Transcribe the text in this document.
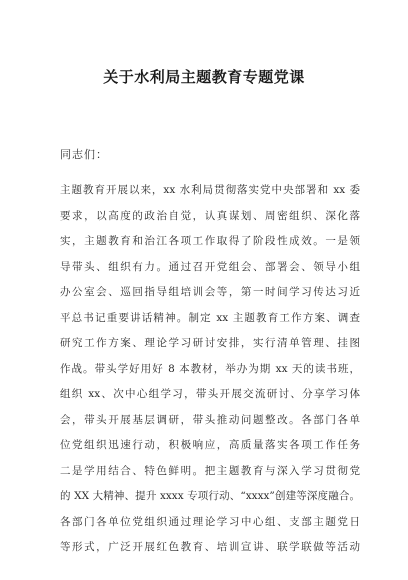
关于水利局主题教育专题党课
同志们：
主题教育开展以来，xx 水利局贯彻落实党中央部署和 xx 委
要求，以高度的政治自觉，认真谋划、周密组织、深化落
实，主题教育和治江各项工作取得了阶段性成效。一是领
导带头、组织有力。通过召开党组会、部署会、领导小组
办公室会、巡回指导组培训会等，第一时间学习传达习近
平总书记重要讲话精神。制定 xx 主题教育工作方案、调查
研究工作方案、理论学习研讨安排，实行清单管理、挂图
作战。带头学好用好 8 本教材，举办为期 xx 天的读书班，
组织 xx、次中心组学习，带头开展交流研讨、分享学习体
会，带头开展基层调研，带头推动问题整改。各部门各单
位党组织迅速行动，积极响应，高质量落实各项工作任务
二是学用结合、特色鲜明。把主题教育与深入学习贯彻党
的 XX 大精神、提升 xxxx 专项行动、“xxxx”创建等深度融合。
各部门各单位党组织通过理论学习中心组、支部主题党日
等形式，广泛开展红色教育、培训宣讲、联学联做等活动
